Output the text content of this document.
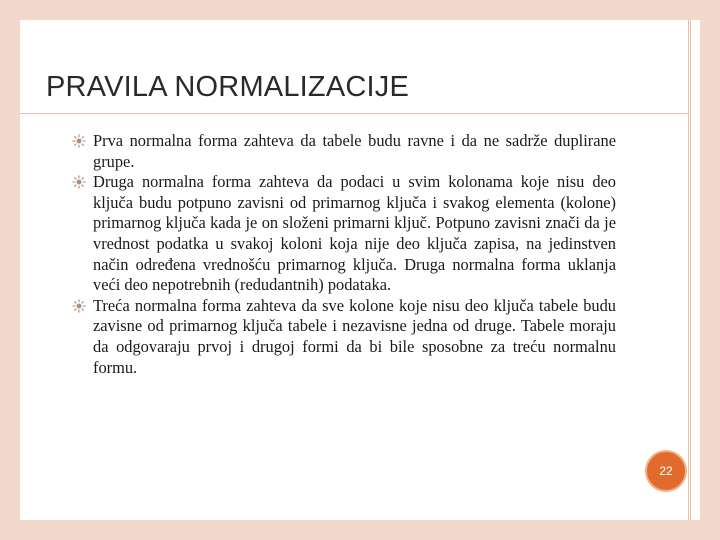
PRAVILA NORMALIZACIJE
Prva normalna forma zahteva da tabele budu ravne i da ne sadrže duplirane grupe.
Druga normalna forma zahteva da podaci u svim kolonama koje nisu deo ključa budu potpuno zavisni od primarnog ključa i svakog elementa (kolone) primarnog ključa kada je on složeni primarni ključ. Potpuno zavisni znači da je vrednost podatka u svakoj koloni koja nije deo ključa zapisa, na jedinstven način određena vrednošću primarnog ključa. Druga normalna forma uklanja veći deo nepotrebnih (redudantnih) podataka.
Treća normalna forma zahteva da sve kolone koje nisu deo ključa tabele budu zavisne od primarnog ključa tabele i nezavisne jedna od druge. Tabele moraju da odgovaraju prvoj i drugoj formi da bi bile sposobne za treću normalnu formu.
22
